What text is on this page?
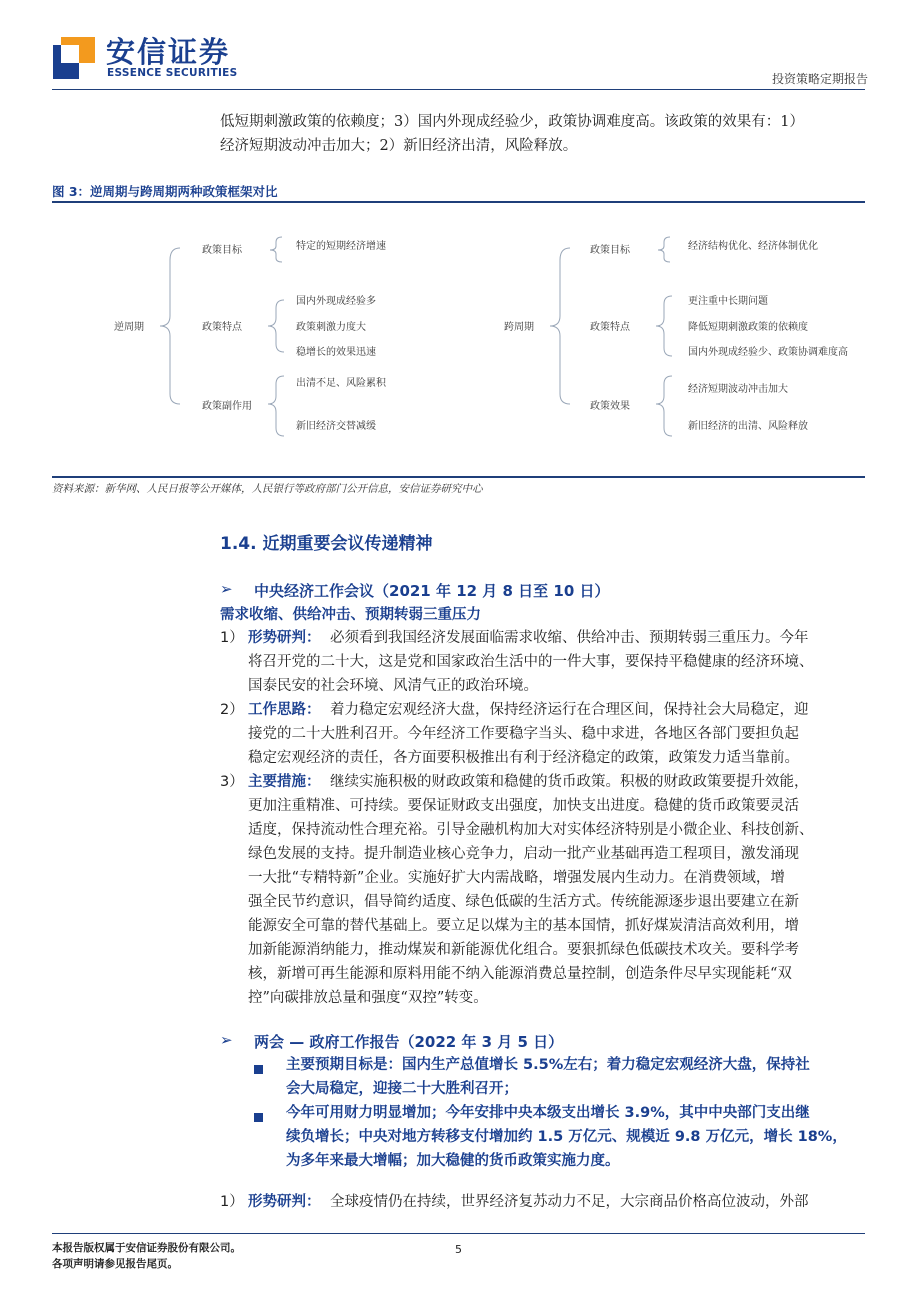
安信证券
ESSENCE SECURITIES	投资策略定期报告
低短期刺激政策的依赖度；3）国内外现成经验少，政策协调难度高。该政策的效果有：1）
经济短期波动冲击加大；2）新旧经济出清，风险释放。
图 3：逆周期与跨周期两种政策框架对比
逆周期
政策目标
政策特点
政策副作用
特定的短期经济增速
国内外现成经验多
政策刺激力度大
稳增长的效果迅速
出清不足、风险累积
新旧经济交替减缓
跨周期
政策目标
政策特点
政策效果
经济结构优化、经济体制优化
更注重中长期问题
降低短期刺激政策的依赖度
国内外现成经验少、政策协调难度高
经济短期波动冲击加大
新旧经济的出清、风险释放
资料来源：新华网、人民日报等公开媒体，人民银行等政府部门公开信息，安信证券研究中心
1.4. 近期重要会议传递精神
➢ 中央经济工作会议（2021 年 12 月 8 日至 10 日）
需求收缩、供给冲击、预期转弱三重压力
1） 形势研判： 必须看到我国经济发展面临需求收缩、供给冲击、预期转弱三重压力。今年
将召开党的二十大，这是党和国家政治生活中的一件大事，要保持平稳健康的经济环境、
国泰民安的社会环境、风清气正的政治环境。
2） 工作思路： 着力稳定宏观经济大盘，保持经济运行在合理区间，保持社会大局稳定，迎
接党的二十大胜利召开。今年经济工作要稳字当头、稳中求进，各地区各部门要担负起
稳定宏观经济的责任，各方面要积极推出有利于经济稳定的政策，政策发力适当靠前。
3） 主要措施： 继续实施积极的财政政策和稳健的货币政策。积极的财政政策要提升效能，
更加注重精准、可持续。要保证财政支出强度，加快支出进度。稳健的货币政策要灵活
适度，保持流动性合理充裕。引导金融机构加大对实体经济特别是小微企业、科技创新、
绿色发展的支持。提升制造业核心竞争力，启动一批产业基础再造工程项目，激发涌现
一大批“专精特新”企业。实施好扩大内需战略，增强发展内生动力。在消费领域，增
强全民节约意识，倡导简约适度、绿色低碳的生活方式。传统能源逐步退出要建立在新
能源安全可靠的替代基础上。要立足以煤为主的基本国情，抓好煤炭清洁高效利用，增
加新能源消纳能力，推动煤炭和新能源优化组合。要狠抓绿色低碳技术攻关。要科学考
核，新增可再生能源和原料用能不纳入能源消费总量控制，创造条件尽早实现能耗“双
控”向碳排放总量和强度“双控”转变。
➢ 两会 — 政府工作报告（2022 年 3 月 5 日）
主要预期目标是：国内生产总值增长 5.5%左右；着力稳定宏观经济大盘，保持社
会大局稳定，迎接二十大胜利召开；
今年可用财力明显增加；今年安排中央本级支出增长 3.9%，其中中央部门支出继
续负增长；中央对地方转移支付增加约 1.5 万亿元、规模近 9.8 万亿元，增长 18%，
为多年来最大增幅；加大稳健的货币政策实施力度。
1） 形势研判： 全球疫情仍在持续，世界经济复苏动力不足，大宗商品价格高位波动，外部
本报告版权属于安信证券股份有限公司。
各项声明请参见报告尾页。
5
